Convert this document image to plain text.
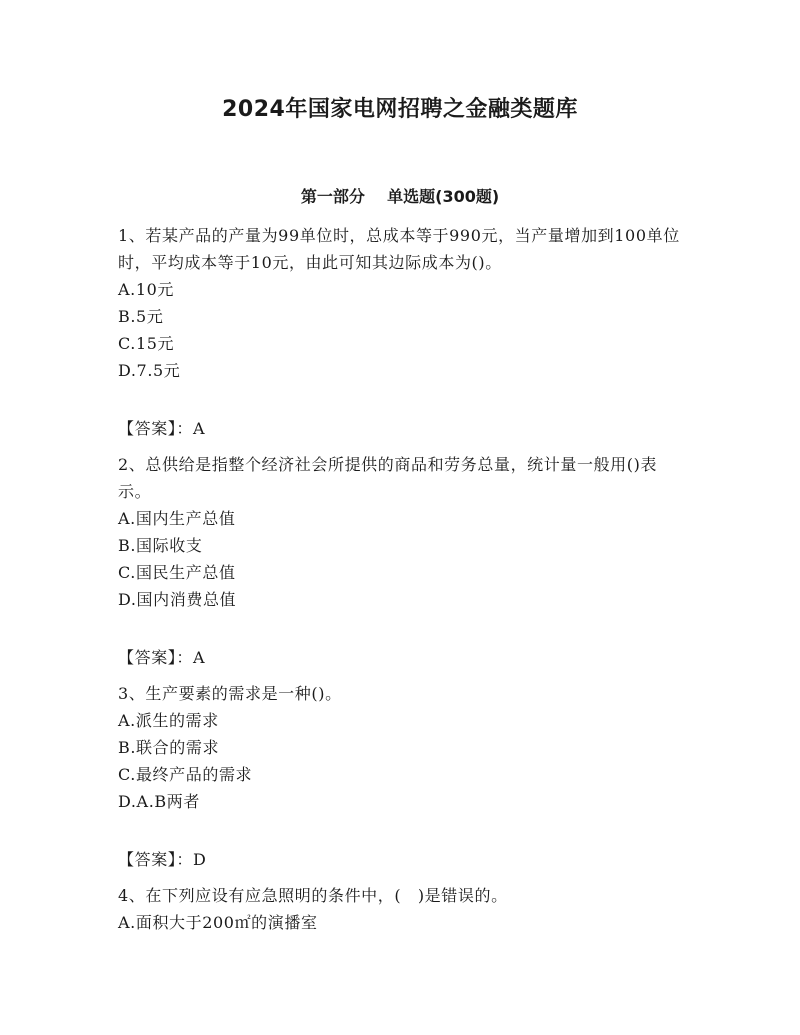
2024年国家电网招聘之金融类题库
第一部分    单选题(300题)

1、若某产品的产量为99单位时，总成本等于990元，当产量增加到100单位时，平均成本等于10元，由此可知其边际成本为()。

A.10元

B.5元

C.15元

D.7.5元

【答案】：A

2、总供给是指整个经济社会所提供的商品和劳务总量，统计量一般用()表示。

A.国内生产总值

B.国际收支

C.国民生产总值

D.国内消费总值

【答案】：A

3、生产要素的需求是一种()。

A.派生的需求

B.联合的需求

C.最终产品的需求

D.A.B两者

【答案】：D

4、在下列应设有应急照明的条件中，(　)是错误的。

A.面积大于200㎡的演播室
